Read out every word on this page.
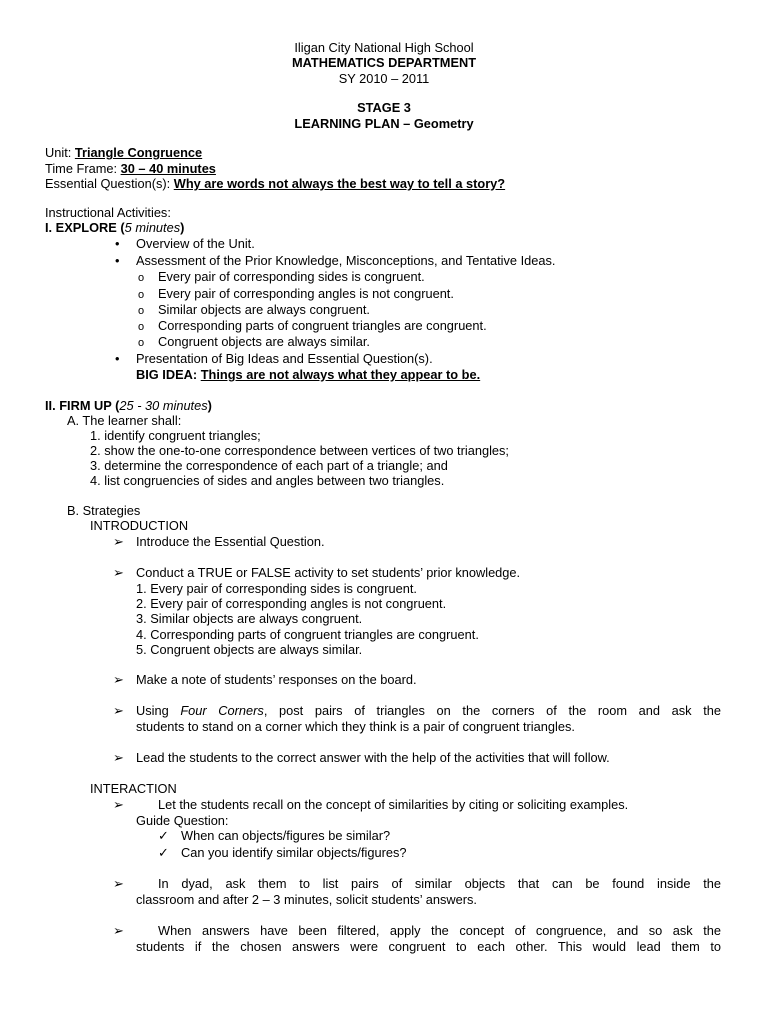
Iligan City National High School
MATHEMATICS DEPARTMENT
SY 2010 – 2011
STAGE 3
LEARNING PLAN – Geometry
Unit: Triangle Congruence
Time Frame: 30 – 40 minutes
Essential Question(s): Why are words not always the best way to tell a story?
Instructional Activities:
I. EXPLORE (5 minutes)
• Overview of the Unit.
• Assessment of the Prior Knowledge, Misconceptions, and Tentative Ideas.
o Every pair of corresponding sides is congruent.
o Every pair of corresponding angles is not congruent.
o Similar objects are always congruent.
o Corresponding parts of congruent triangles are congruent.
o Congruent objects are always similar.
• Presentation of Big Ideas and Essential Question(s).
BIG IDEA: Things are not always what they appear to be.
II. FIRM UP (25 - 30 minutes)
A. The learner shall:
1. identify congruent triangles;
2. show the one-to-one correspondence between vertices of two triangles;
3. determine the correspondence of each part of a triangle; and
4. list congruencies of sides and angles between two triangles.
B. Strategies
INTRODUCTION
➢ Introduce the Essential Question.
➢ Conduct a TRUE or FALSE activity to set students’ prior knowledge.
1. Every pair of corresponding sides is congruent.
2. Every pair of corresponding angles is not congruent.
3. Similar objects are always congruent.
4. Corresponding parts of congruent triangles are congruent.
5. Congruent objects are always similar.
➢ Make a note of students’ responses on the board.
➢ Using Four Corners, post pairs of triangles on the corners of the room and ask the
students to stand on a corner which they think is a pair of congruent triangles.
➢ Lead the students to the correct answer with the help of the activities that will follow.
INTERACTION
➢	Let the students recall on the concept of similarities by citing or soliciting examples.
Guide Question:
✓ When can objects/figures be similar?
✓ Can you identify similar objects/figures?
➢	In dyad, ask them to list pairs of similar objects that can be found inside the
classroom and after 2 – 3 minutes, solicit students’ answers.
➢	When answers have been filtered, apply the concept of congruence, and so ask the
students if the chosen answers were congruent to each other. This would lead them to
